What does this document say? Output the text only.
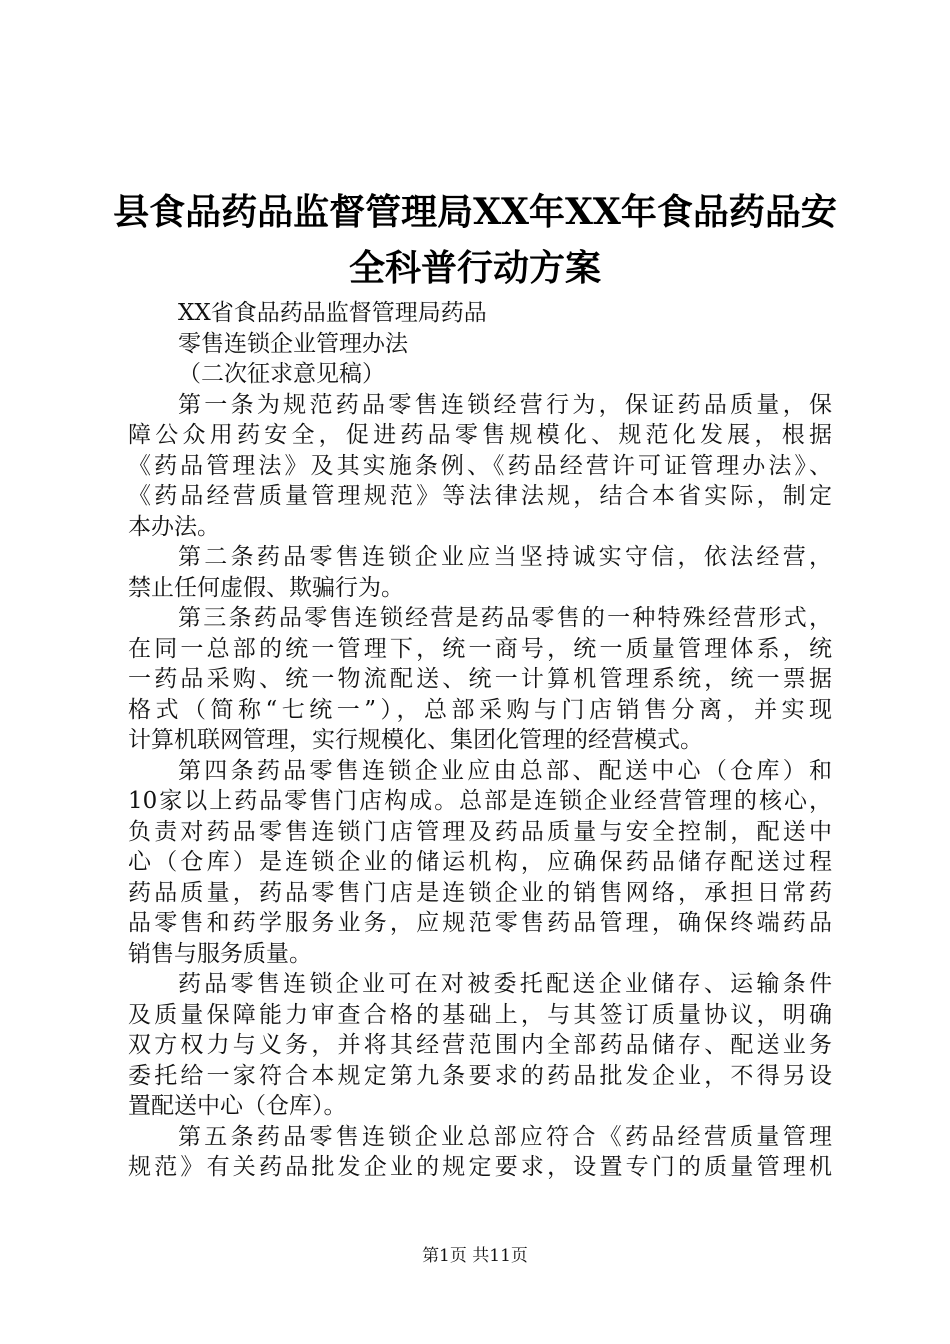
县食品药品监督管理局XX年XX年食品药品安
全科普行动方案
XX省食品药品监督管理局药品
零售连锁企业管理办法
（二次征求意见稿）
第一条为规范药品零售连锁经营行为，保证药品质量，保
障公众用药安全，促进药品零售规模化、规范化发展，根据
《药品管理法》及其实施条例、《药品经营许可证管理办法》、
《药品经营质量管理规范》等法律法规，结合本省实际，制定
本办法。
第二条药品零售连锁企业应当坚持诚实守信，依法经营，
禁止任何虚假、欺骗行为。
第三条药品零售连锁经营是药品零售的一种特殊经营形式，
在同一总部的统一管理下，统一商号，统一质量管理体系，统
一药品采购、统一物流配送、统一计算机管理系统，统一票据
格式（简称“七统一”），总部采购与门店销售分离，并实现
计算机联网管理，实行规模化、集团化管理的经营模式。
第四条药品零售连锁企业应由总部、配送中心（仓库）和
10家以上药品零售门店构成。总部是连锁企业经营管理的核心，
负责对药品零售连锁门店管理及药品质量与安全控制，配送中
心（仓库）是连锁企业的储运机构，应确保药品储存配送过程
药品质量，药品零售门店是连锁企业的销售网络，承担日常药
品零售和药学服务业务，应规范零售药品管理，确保终端药品
销售与服务质量。
药品零售连锁企业可在对被委托配送企业储存、运输条件
及质量保障能力审查合格的基础上，与其签订质量协议，明确
双方权力与义务，并将其经营范围内全部药品储存、配送业务
委托给一家符合本规定第九条要求的药品批发企业，不得另设
置配送中心（仓库）。
第五条药品零售连锁企业总部应符合《药品经营质量管理
规范》有关药品批发企业的规定要求，设置专门的质量管理机
第1页 共11页
